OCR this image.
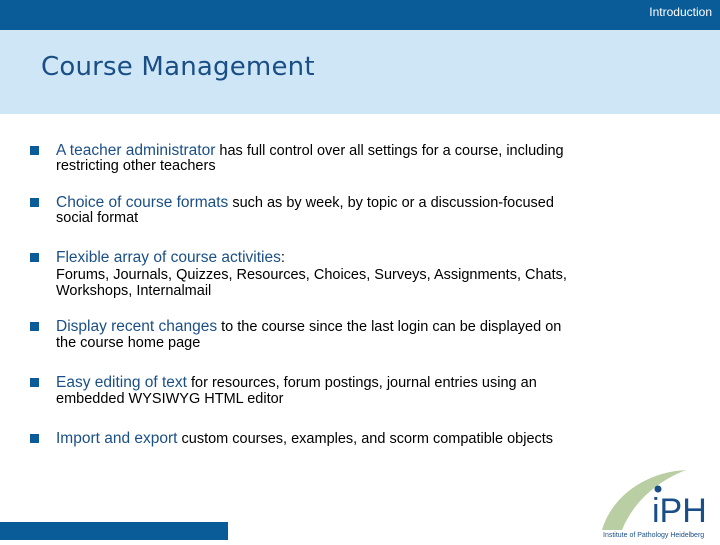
Introduction
Course Management
A teacher administrator has full control over all settings for a course, including
restricting other teachers
Choice of course formats such as by week, by topic or a discussion-focused
social format
Flexible array of course activities:
Forums, Journals, Quizzes, Resources, Choices, Surveys, Assignments, Chats,
Workshops, Internalmail
Display recent changes to the course since the last login can be displayed on
the course home page
Easy editing of text for resources, forum postings, journal entries using an
embedded WYSIWYG HTML editor
Import and export custom courses, examples, and scorm compatible objects
iPH
Institute of Pathology Heidelberg
